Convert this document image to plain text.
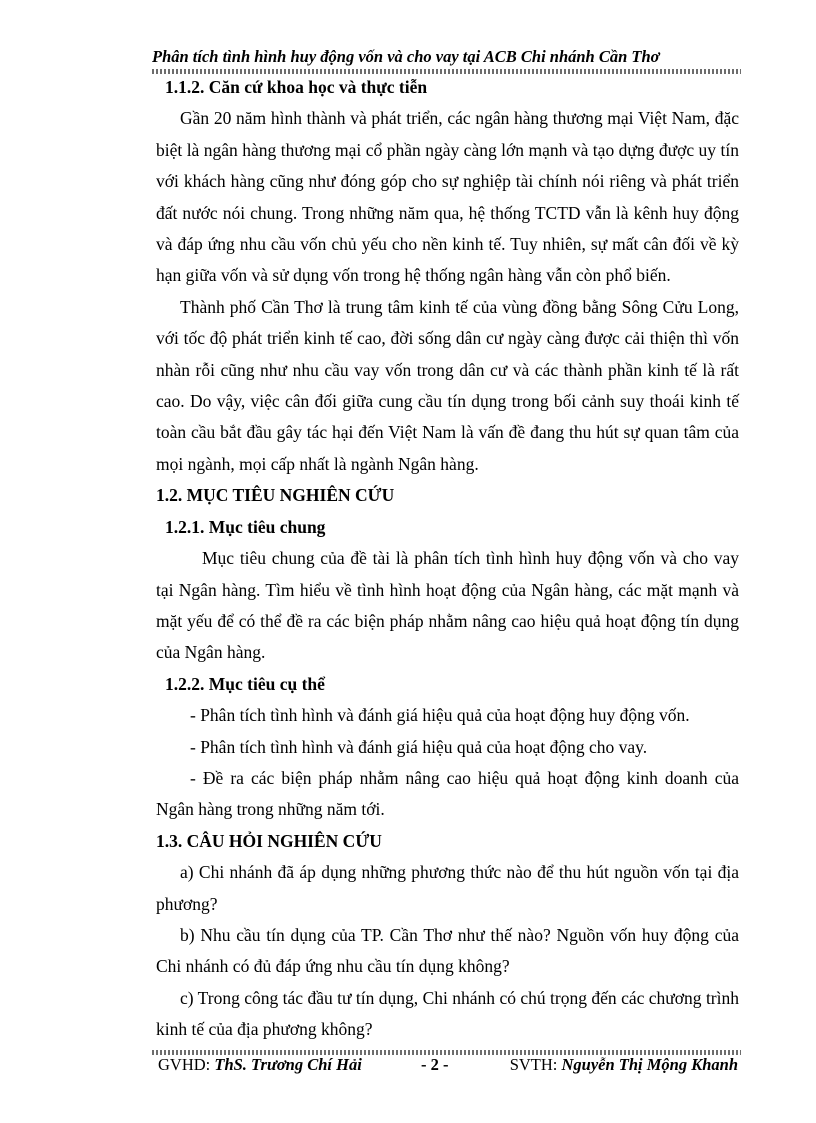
Phân tích tình hình huy động vốn và cho vay tại ACB Chi nhánh Cần Thơ

1.1.2. Căn cứ khoa học và thực tiễn

Gần 20 năm hình thành và phát triển, các ngân hàng thương mại Việt Nam, đặc biệt là ngân hàng thương mại cổ phần ngày càng lớn mạnh và tạo dựng được uy tín với khách hàng cũng như đóng góp cho sự nghiệp tài chính nói riêng và phát triển đất nước nói chung. Trong những năm qua, hệ thống TCTD vẫn là kênh huy động và đáp ứng nhu cầu vốn chủ yếu cho nền kinh tế. Tuy nhiên, sự mất cân đối về kỳ hạn giữa vốn và sử dụng vốn trong hệ thống ngân hàng vẫn còn phổ biến.

Thành phố Cần Thơ là trung tâm kinh tế của vùng đồng bằng Sông Cửu Long, với tốc độ phát triển kinh tế cao, đời sống dân cư ngày càng được cải thiện thì vốn nhàn rỗi cũng như nhu cầu vay vốn trong dân cư và các thành phần kinh tế là rất cao. Do vậy, việc cân đối giữa cung cầu tín dụng trong bối cảnh suy thoái kinh tế toàn cầu bắt đầu gây tác hại đến Việt Nam là vấn đề đang thu hút sự quan tâm của mọi ngành, mọi cấp nhất là ngành Ngân hàng.

1.2. MỤC TIÊU NGHIÊN CỨU

1.2.1. Mục tiêu chung

Mục tiêu chung của đề tài là phân tích tình hình huy động vốn và cho vay tại Ngân hàng. Tìm hiểu về tình hình hoạt động của Ngân hàng, các mặt mạnh và mặt yếu để có thể đề ra các biện pháp nhằm nâng cao hiệu quả hoạt động tín dụng của Ngân hàng.

1.2.2. Mục tiêu cụ thể

- Phân tích tình hình và đánh giá hiệu quả của hoạt động huy động vốn.

- Phân tích tình hình và đánh giá hiệu quả của hoạt động cho vay.

- Đề ra các biện pháp nhằm nâng cao hiệu quả hoạt động kinh doanh của Ngân hàng trong những năm tới.

1.3. CÂU HỎI NGHIÊN CỨU

a) Chi nhánh đã áp dụng những phương thức nào để thu hút nguồn vốn tại địa phương?

b) Nhu cầu tín dụng của TP. Cần Thơ như thế nào? Nguồn vốn huy động của Chi nhánh có đủ đáp ứng nhu cầu tín dụng không?

c) Trong công tác đầu tư tín dụng, Chi nhánh có chú trọng đến các chương trình kinh tế của địa phương không?

GVHD: ThS. Trương Chí Hải	- 2 -	SVTH: Nguyễn Thị Mộng Khanh
